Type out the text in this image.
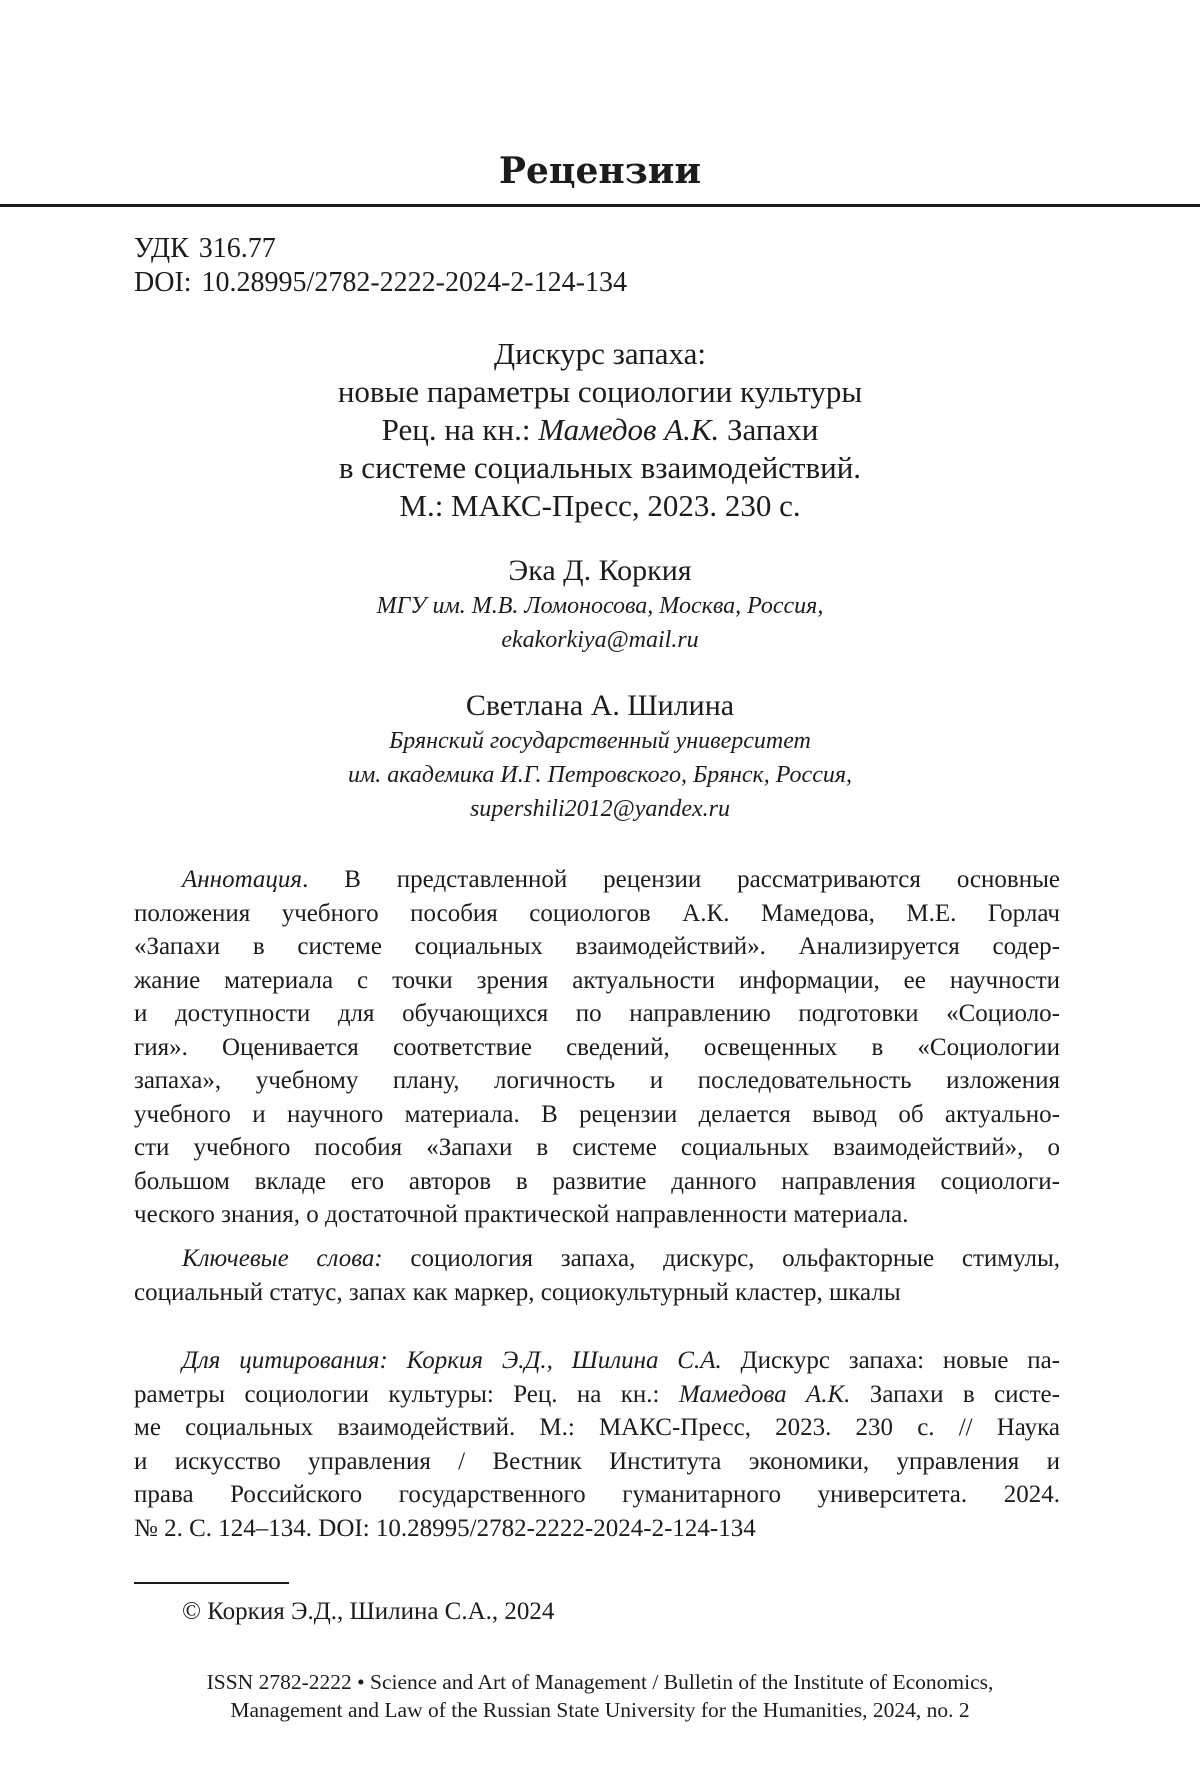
Рецензии
УДК 316.77
DOI: 10.28995/2782-2222-2024-2-124-134
Дискурс запаха:
новые параметры социологии культуры
Рец. на кн.: Мамедов А.К. Запахи
в системе социальных взаимодействий.
М.: МАКС-Пресс, 2023. 230 с.
Эка Д. Коркия
МГУ им. М.В. Ломоносова, Москва, Россия,
ekakorkiya@mail.ru
Светлана А. Шилина
Брянский государственный университет
им. академика И.Г. Петровского, Брянск, Россия,
supershili2012@yandex.ru
Аннотация. В представленной рецензии рассматриваются основные
положения учебного пособия социологов А.К. Мамедова, М.Е. Горлач
«Запахи в системе социальных взаимодействий». Анализируется содер-
жание материала с точки зрения актуальности информации, ее научности
и доступности для обучающихся по направлению подготовки «Социоло-
гия». Оценивается соответствие сведений, освещенных в «Социологии
запаха», учебному плану, логичность и последовательность изложения
учебного и научного материала. В рецензии делается вывод об актуально-
сти учебного пособия «Запахи в системе социальных взаимодействий», о
большом вкладе его авторов в развитие данного направления социологи-
ческого знания, о достаточной практической направленности материала.
Ключевые слова: социология запаха, дискурс, ольфакторные стимулы,
социальный статус, запах как маркер, социокультурный кластер, шкалы
Для цитирования: Коркия Э.Д., Шилина С.А. Дискурс запаха: новые па-
раметры социологии культуры: Рец. на кн.: Мамедова А.К. Запахи в систе-
ме социальных взаимодействий. М.: МАКС-Пресс, 2023. 230 с. // Наука
и искусство управления / Вестник Института экономики, управления и
права Российского государственного гуманитарного университета. 2024.
№ 2. С. 124–134. DOI: 10.28995/2782-2222-2024-2-124-134
© Коркия Э.Д., Шилина С.А., 2024
ISSN 2782-2222 • Science and Art of Management / Bulletin of the Institute of Economics,
Management and Law of the Russian State University for the Humanities, 2024, no. 2
